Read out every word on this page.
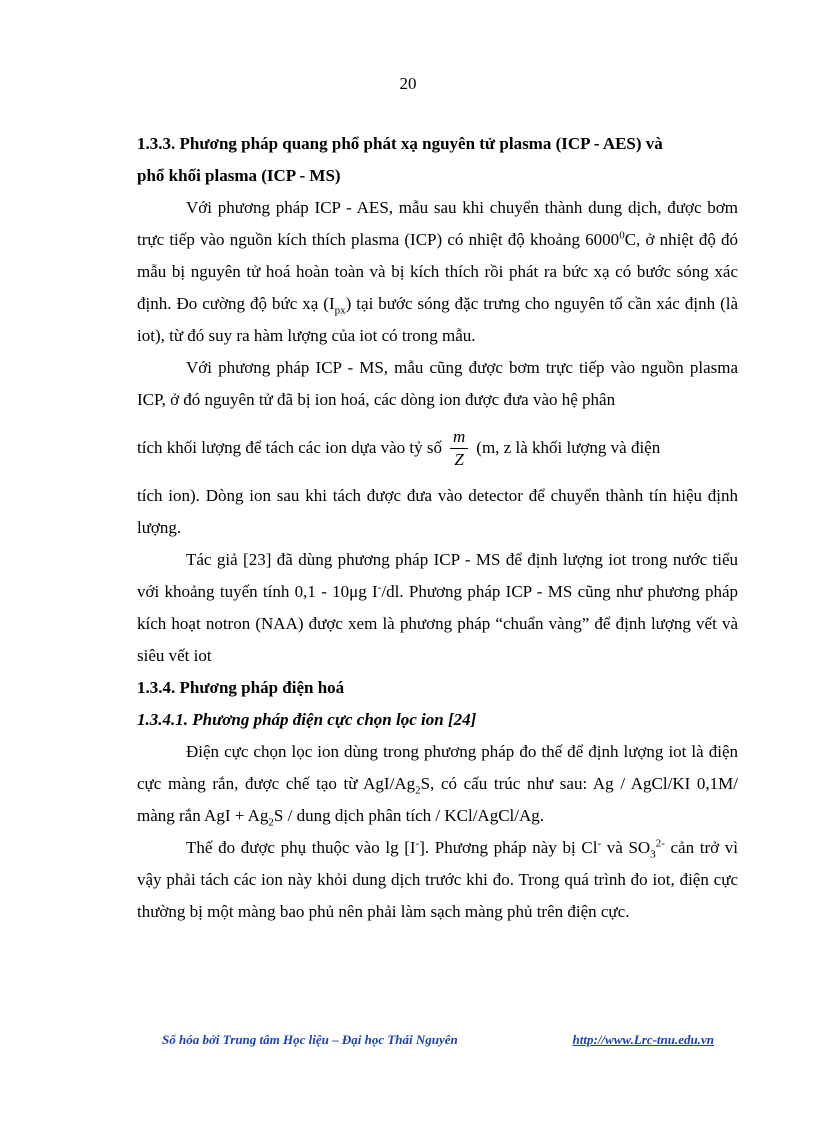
20

1.3.3. Phương pháp quang phổ phát xạ nguyên tử plasma (ICP - AES) và
phổ khối plasma (ICP - MS)

Với phương pháp ICP - AES, mẫu sau khi chuyển thành dung dịch, được bơm trực tiếp vào nguồn kích thích plasma (ICP) có nhiệt độ khoảng 6000$^0$C, ở nhiệt độ đó mẫu bị nguyên tử hoá hoàn toàn và bị kích thích rồi phát ra bức xạ có bước sóng xác định. Đo cường độ bức xạ $(I_{px})$ tại bước sóng đặc trưng cho nguyên tố cần xác định (là iot), từ đó suy ra hàm lượng của iot có trong mẫu.

Với phương pháp ICP - MS, mẫu cũng được bơm trực tiếp vào nguồn plasma ICP, ở đó nguyên tử đã bị ion hoá, các dòng ion được đưa vào hệ phân

tích khối lượng để tách các ion dựa vào tỷ số $\frac{m}{Z} (m$, z là khối lượng và điện

tích ion). Dòng ion sau khi tách được đưa vào detector để chuyển thành tín hiệu định lượng.

Tác giả [23] đã dùng phương pháp ICP - MS để định lượng iot trong nước tiểu với khoảng tuyến tính 0,1 - 10μg I-/dl. Phương pháp ICP - MS cũng như phương pháp kích hoạt notron (NAA) được xem là phương pháp “chuẩn vàng” để định lượng vết và siêu vết iot

1.3.4. Phương pháp điện hoá

1.3.4.1. Phương pháp điện cực chọn lọc ion [24]

Điện cực chọn lọc ion dùng trong phương pháp đo thế để định lượng iot là điện cực màng rắn, được chế tạo từ AgI/$Ag_2S$, có cấu trúc như sau: Ag / AgCl/KI 0,1M/ màng rắn AgI + $Ag_2S$ / dung dịch phân tích / KCl/AgCl/Ag.

Thế đo được phụ thuộc vào lg [I-]. Phương pháp này bị Cl- và $SO_3^{2-}$ cản trở vì vậy phải tách các ion này khỏi dung dịch trước khi đo. Trong quá trình đo iot, điện cực thường bị một màng bao phủ nên phải làm sạch màng phủ trên điện cực.

Số hóa bởi Trung tâm Học liệu – Đại học Thái Nguyên	http://www.Lrc-tnu.edu.vn
